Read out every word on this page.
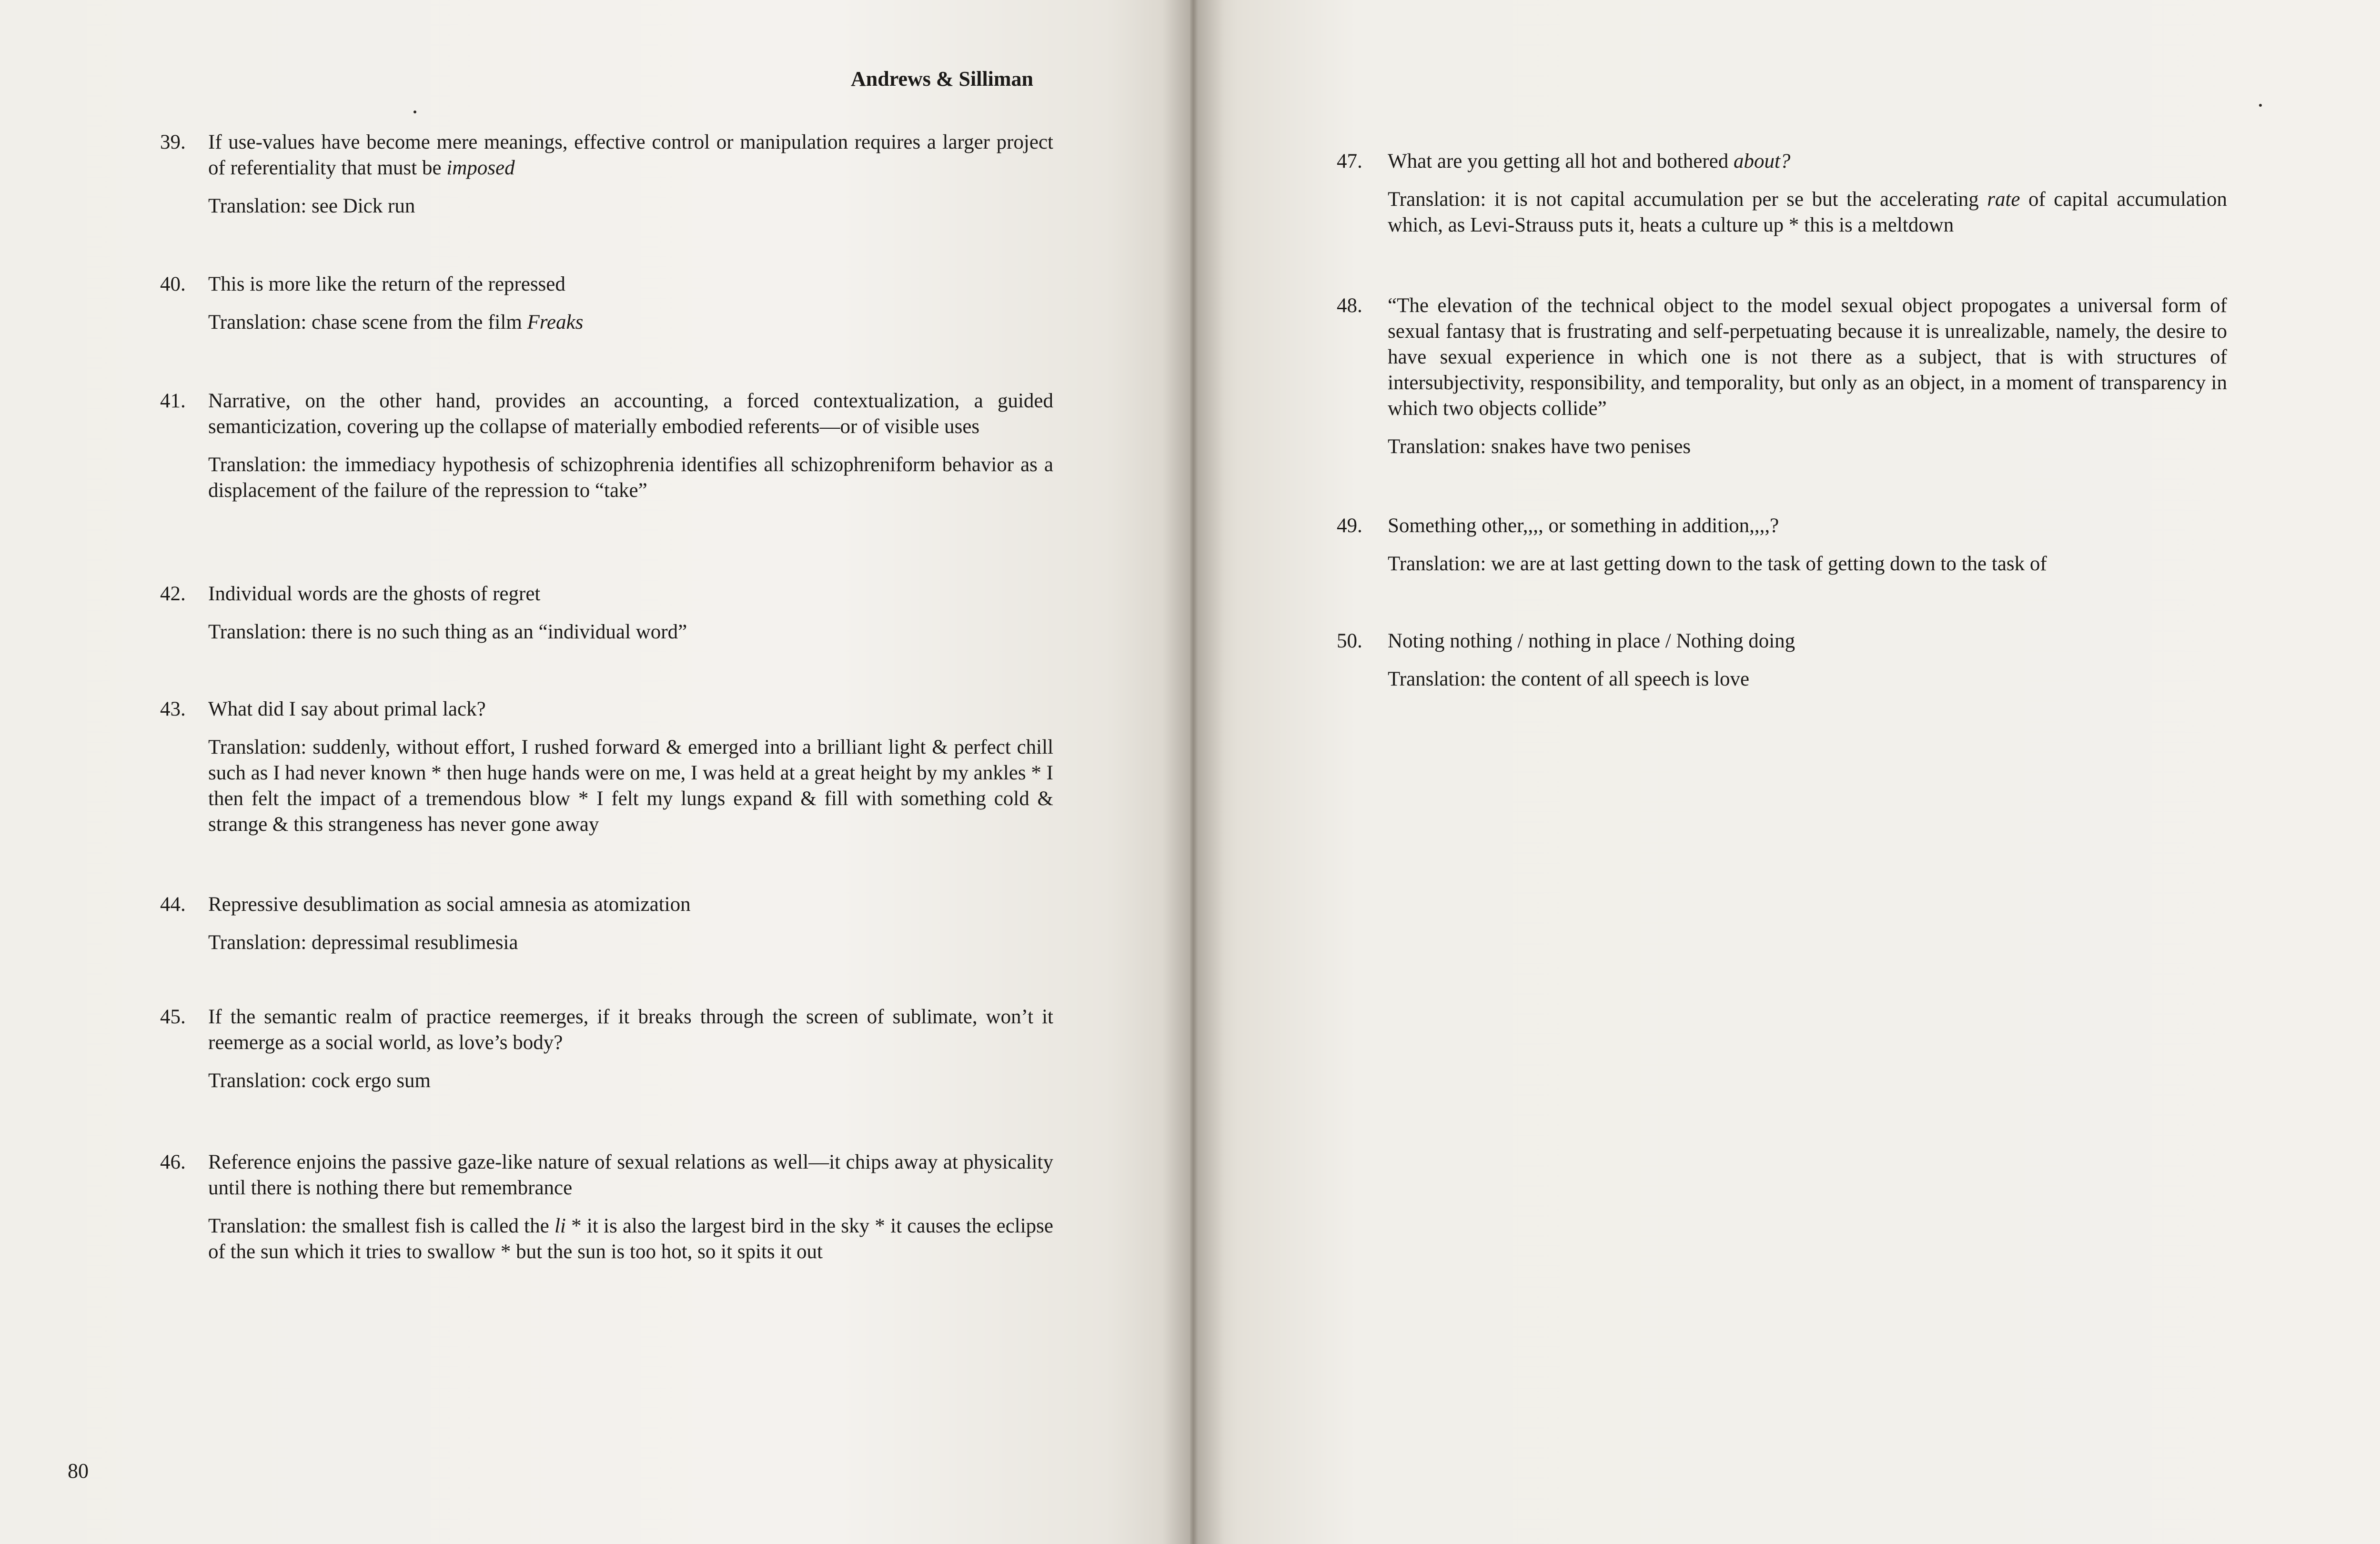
Andrews & Silliman
39. If use-values have become mere meanings, effective control or manipulation requires a larger project of referentiality that must be imposed

Translation: see Dick run

40. This is more like the return of the repressed

Translation: chase scene from the film Freaks

41. Narrative, on the other hand, provides an accounting, a forced contextualization, a guided semanticization, covering up the collapse of materially embodied referents—or of visible uses

Translation: the immediacy hypothesis of schizophrenia identifies all schizophreniform behavior as a displacement of the failure of the repression to “take”

42. Individual words are the ghosts of regret

Translation: there is no such thing as an “individual word”

43. What did I say about primal lack?

Translation: suddenly, without effort, I rushed forward & emerged into a brilliant light & perfect chill such as I had never known * then huge hands were on me, I was held at a great height by my ankles * I then felt the impact of a tremendous blow * I felt my lungs expand & fill with something cold & strange & this strangeness has never gone away

44. Repressive desublimation as social amnesia as atomization

Translation: depressimal resublimesia

45. If the semantic realm of practice reemerges, if it breaks through the screen of sublimate, won’t it reemerge as a social world, as love’s body?

Translation: cock ergo sum

46. Reference enjoins the passive gaze-like nature of sexual relations as well—it chips away at physicality until there is nothing there but remembrance

Translation: the smallest fish is called the li * it is also the largest bird in the sky * it causes the eclipse of the sun which it tries to swallow * but the sun is too hot, so it spits it out

80
47. What are you getting all hot and bothered about?

Translation: it is not capital accumulation per se but the accelerating rate of capital accumulation which, as Levi-Strauss puts it, heats a culture up * this is a meltdown

48. “The elevation of the technical object to the model sexual object propogates a universal form of sexual fantasy that is frustrating and self-perpetuating because it is unrealizable, namely, the desire to have sexual experience in which one is not there as a subject, that is with structures of intersubjectivity, responsibility, and temporality, but only as an object, in a moment of transparency in which two objects collide”

Translation: snakes have two penises

49. Something other,,,, or something in addition,,,,?

Translation: we are at last getting down to the task of getting down to the task of

50. Noting nothing / nothing in place / Nothing doing

Translation: the content of all speech is love
